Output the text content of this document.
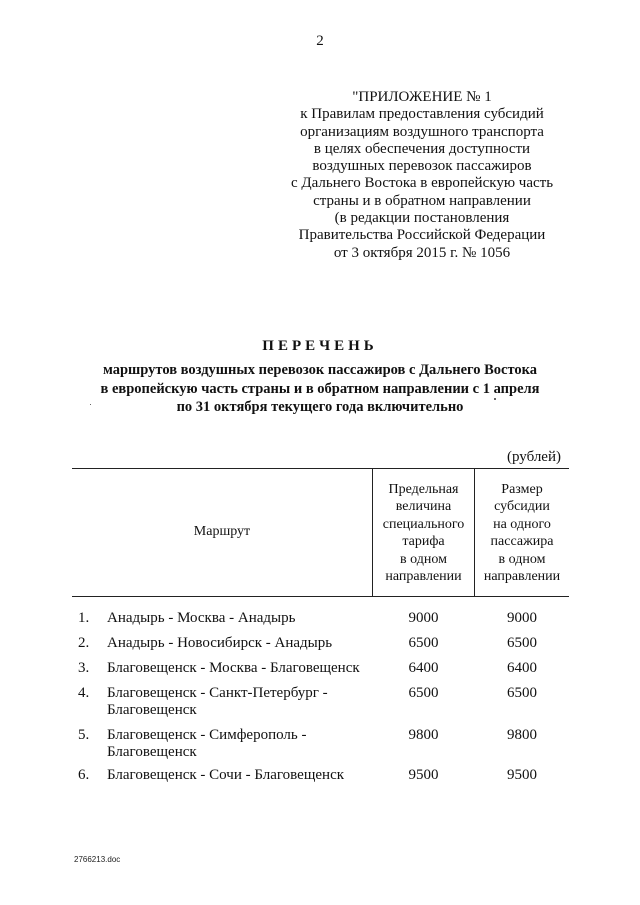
2
"ПРИЛОЖЕНИЕ № 1
к Правилам предоставления субсидий
организациям воздушного транспорта
в целях обеспечения доступности
воздушных перевозок пассажиров
с Дальнего Востока в европейскую часть
страны и в обратном направлении
(в редакции постановления
Правительства Российской Федерации
от 3 октября 2015 г. № 1056
ПЕРЕЧЕНЬ
маршрутов воздушных перевозок пассажиров с Дальнего Востока
в европейскую часть страны и в обратном направлении с 1 апреля
по 31 октября текущего года включительно
(рублей)
Маршрут
Предельная
величина
специального
тарифа
в одном
направлении
Размер
субсидии
на одного
пассажира
в одном
направлении
1.	Анадырь - Москва - Анадырь	9000	9000
2.	Анадырь - Новосибирск - Анадырь	6500	6500
3.	Благовещенск - Москва - Благовещенск	6400	6400
4.	Благовещенск - Санкт-Петербург -
Благовещенск
6500	6500
5.	Благовещенск - Симферополь -
Благовещенск
9800	9800
6.	Благовещенск - Сочи - Благовещенск	9500	9500
2766213.doc
